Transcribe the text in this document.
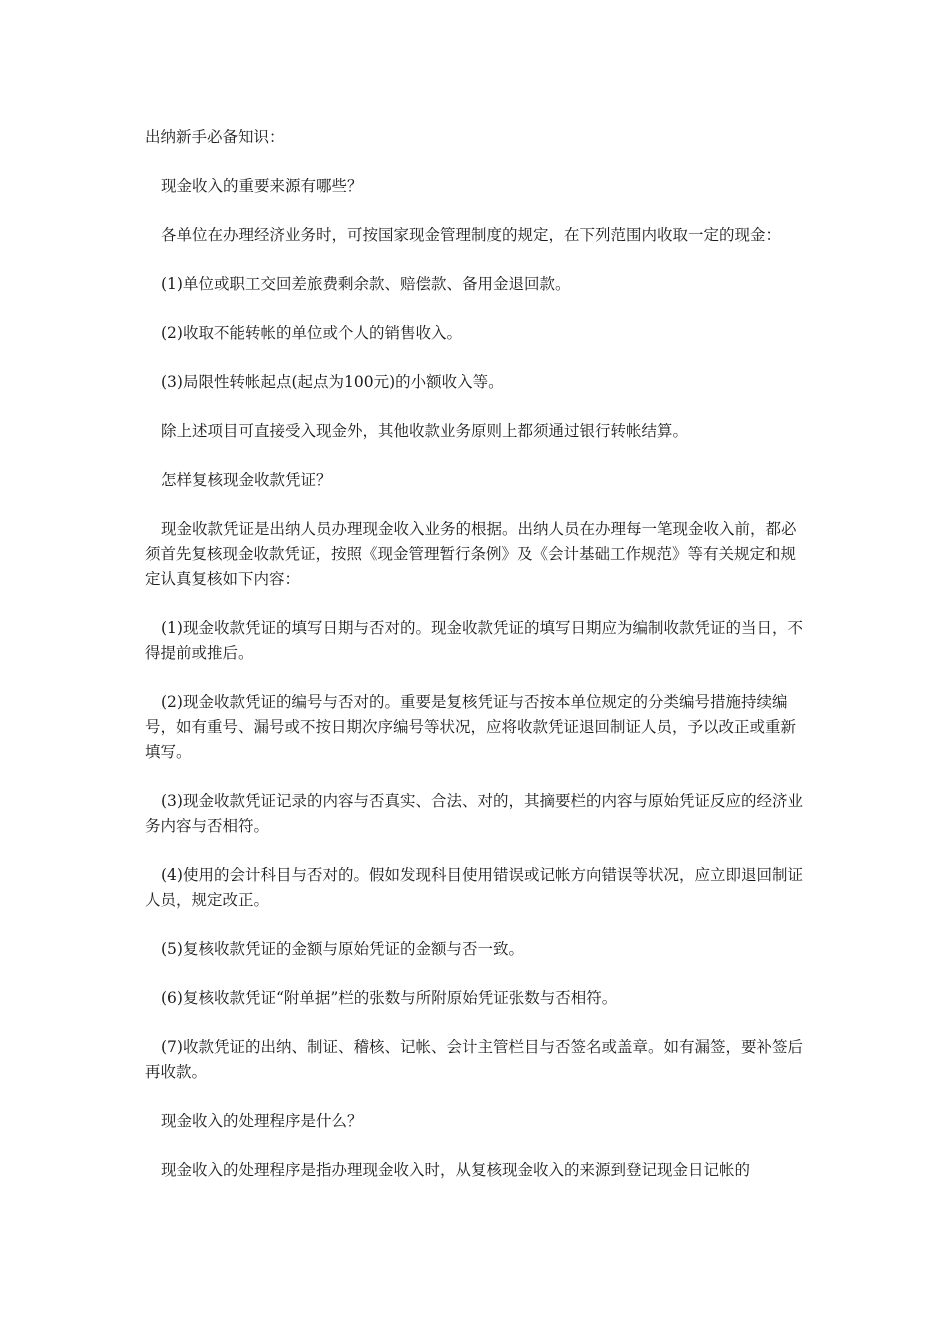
出纳新手必备知识：

现金收入的重要来源有哪些？

各单位在办理经济业务时，可按国家现金管理制度的规定，在下列范围内收取一定的现金：

(1)单位或职工交回差旅费剩余款、赔偿款、备用金退回款。

(2)收取不能转帐的单位或个人的销售收入。

(3)局限性转帐起点(起点为100元)的小额收入等。

除上述项目可直接受入现金外，其他收款业务原则上都须通过银行转帐结算。

怎样复核现金收款凭证？

现金收款凭证是出纳人员办理现金收入业务的根据。出纳人员在办理每一笔现金收入前，都必须首先复核现金收款凭证，按照《现金管理暂行条例》及《会计基础工作规范》等有关规定和规定认真复核如下内容：

(1)现金收款凭证的填写日期与否对的。现金收款凭证的填写日期应为编制收款凭证的当日，不得提前或推后。

(2)现金收款凭证的编号与否对的。重要是复核凭证与否按本单位规定的分类编号措施持续编号，如有重号、漏号或不按日期次序编号等状况，应将收款凭证退回制证人员，予以改正或重新填写。

(3)现金收款凭证记录的内容与否真实、合法、对的，其摘要栏的内容与原始凭证反应的经济业务内容与否相符。

(4)使用的会计科目与否对的。假如发现科目使用错误或记帐方向错误等状况，应立即退回制证人员，规定改正。

(5)复核收款凭证的金额与原始凭证的金额与否一致。

(6)复核收款凭证“附单据”栏的张数与所附原始凭证张数与否相符。

(7)收款凭证的出纳、制证、稽核、记帐、会计主管栏目与否签名或盖章。如有漏签，要补签后再收款。

现金收入的处理程序是什么？

现金收入的处理程序是指办理现金收入时，从复核现金收入的来源到登记现金日记帐的
